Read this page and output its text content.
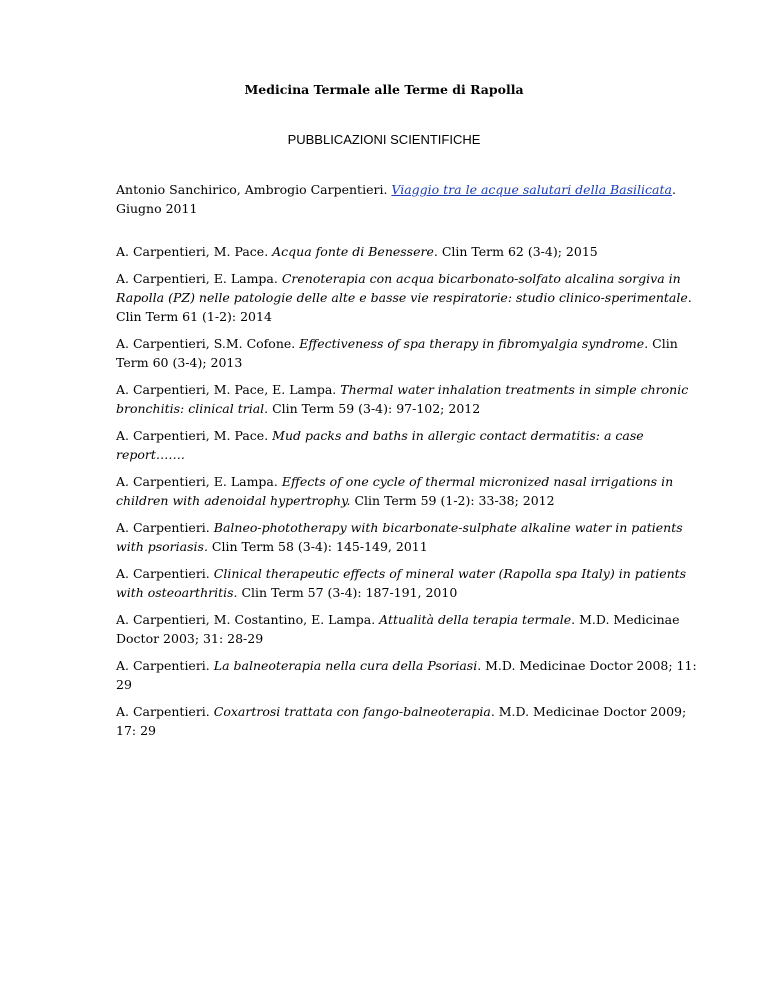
Medicina Termale alle Terme di Rapolla
PUBBLICAZIONI SCIENTIFICHE
Antonio Sanchirico, Ambrogio Carpentieri. Viaggio tra le acque salutari della Basilicata. Giugno 2011

A. Carpentieri, M. Pace. Acqua fonte di Benessere. Clin Term 62 (3-4); 2015

A. Carpentieri, E. Lampa. Crenoterapia con acqua bicarbonato-solfato alcalina sorgiva in Rapolla (PZ) nelle patologie delle alte e basse vie respiratorie: studio clinico-sperimentale. Clin Term 61 (1-2): 2014

A. Carpentieri, S.M. Cofone. Effectiveness of spa therapy in fibromyalgia syndrome. Clin Term 60 (3-4); 2013

A. Carpentieri, M. Pace, E. Lampa. Thermal water inhalation treatments in simple chronic bronchitis: clinical trial. Clin Term 59 (3-4): 97-102; 2012

A. Carpentieri, M. Pace. Mud packs and baths in allergic contact dermatitis: a case report…….

A. Carpentieri, E. Lampa. Effects of one cycle of thermal micronized nasal irrigations in children with adenoidal hypertrophy. Clin Term 59 (1-2): 33-38; 2012

A. Carpentieri. Balneo-phototherapy with bicarbonate-sulphate alkaline water in patients with psoriasis. Clin Term 58 (3-4): 145-149, 2011

A. Carpentieri. Clinical therapeutic effects of mineral water (Rapolla spa Italy) in patients with osteoarthritis. Clin Term 57 (3-4): 187-191, 2010

A. Carpentieri, M. Costantino, E. Lampa. Attualità della terapia termale. M.D. Medicinae Doctor 2003; 31: 28-29

A. Carpentieri. La balneoterapia nella cura della Psoriasi. M.D. Medicinae Doctor 2008; 11: 29

A. Carpentieri. Coxartrosi trattata con fango-balneoterapia. M.D. Medicinae Doctor 2009; 17: 29
